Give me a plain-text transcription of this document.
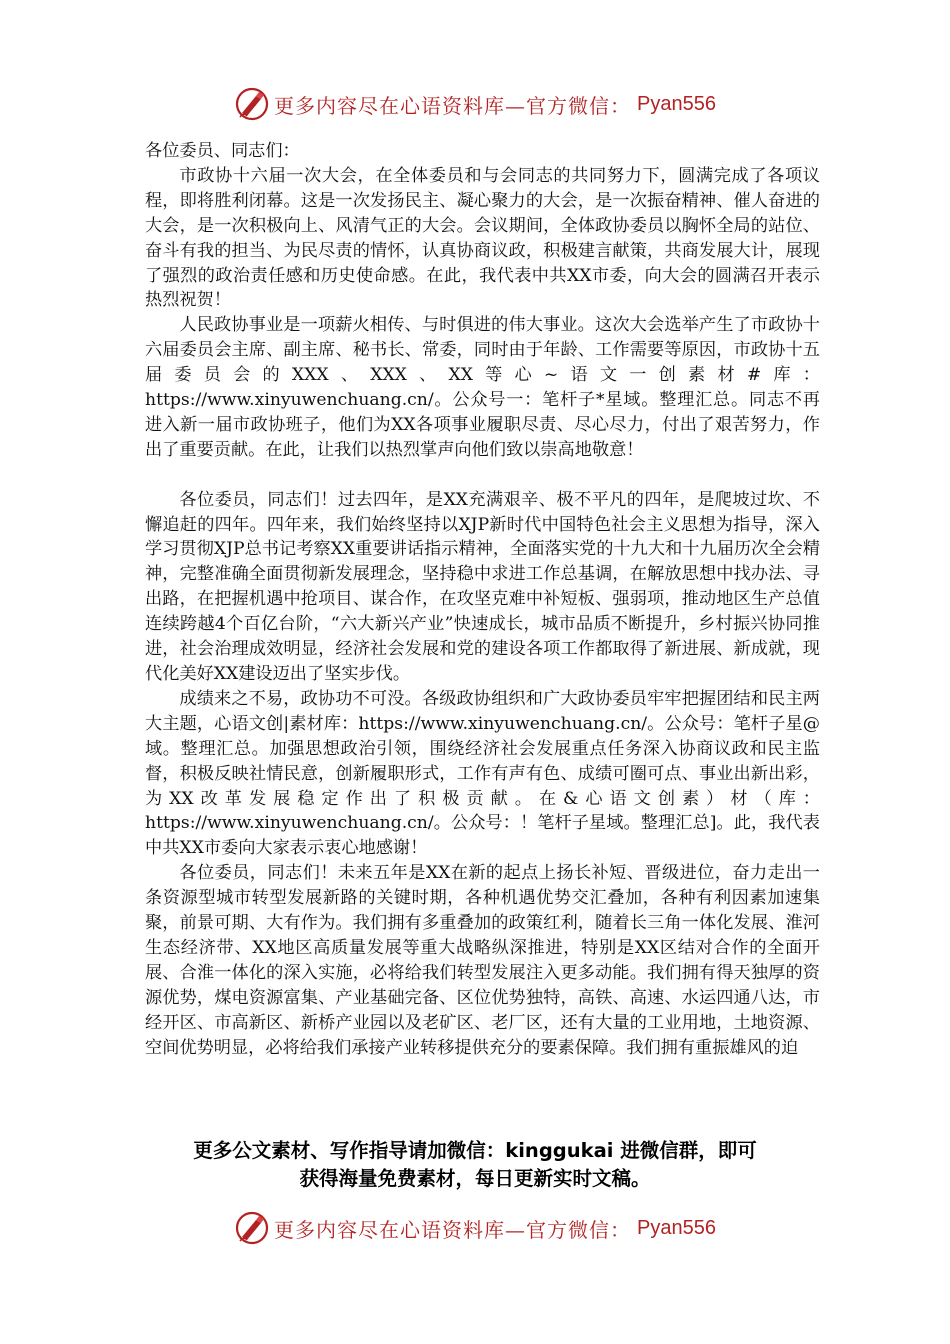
更多内容尽在心语资料库—官方微信： Pyan556

各位委员、同志们：

市政协十六届一次大会，在全体委员和与会同志的共同努力下，圆满完成了各项议程，即将胜利闭幕。这是一次发扬民主、凝心聚力的大会，是一次振奋精神、催人奋进的大会，是一次积极向上、风清气正的大会。会议期间，全体政协委员以胸怀全局的站位、奋斗有我的担当、为民尽责的情怀，认真协商议政，积极建言献策，共商发展大计，展现了强烈的政治责任感和历史使命感。在此，我代表中共XX市委，向大会的圆满召开表示热烈祝贺！

人民政协事业是一项薪火相传、与时俱进的伟大事业。这次大会选举产生了市政协十六届委员会主席、副主席、秘书长、常委，同时由于年龄、工作需要等原因，市政协十五届委员会的XXX、XXX、XX等心~语文一创素材#库：https://www.xinyuwenchuang.cn/。公众号一：笔杆子*星域。整理汇总。同志不再进入新一届市政协班子，他们为XX各项事业履职尽责、尽心尽力，付出了艰苦努力，作出了重要贡献。在此，让我们以热烈掌声向他们致以崇高地敬意！

各位委员，同志们！过去四年，是XX充满艰辛、极不平凡的四年，是爬坡过坎、不懈追赶的四年。四年来，我们始终坚持以XJP新时代中国特色社会主义思想为指导，深入学习贯彻XJP总书记考察XX重要讲话指示精神，全面落实党的十九大和十九届历次全会精神，完整准确全面贯彻新发展理念，坚持稳中求进工作总基调，在解放思想中找办法、寻出路，在把握机遇中抢项目、谋合作，在攻坚克难中补短板、强弱项，推动地区生产总值连续跨越4个百亿台阶，“六大新兴产业”快速成长，城市品质不断提升，乡村振兴协同推进，社会治理成效明显，经济社会发展和党的建设各项工作都取得了新进展、新成就，现代化美好XX建设迈出了坚实步伐。

成绩来之不易，政协功不可没。各级政协组织和广大政协委员牢牢把握团结和民主两大主题，心语文创|素材库：https://www.xinyuwenchuang.cn/。公众号：笔杆子星@域。整理汇总。加强思想政治引领，围绕经济社会发展重点任务深入协商议政和民主监督，积极反映社情民意，创新履职形式，工作有声有色、成绩可圈可点、事业出新出彩，为XX改革发展稳定作出了积极贡献。在&心语文创素）材（库：https://www.xinyuwenchuang.cn/。公众号：！笔杆子星域。整理汇总]。此，我代表中共XX市委向大家表示衷心地感谢！

各位委员，同志们！未来五年是XX在新的起点上扬长补短、晋级进位，奋力走出一条资源型城市转型发展新路的关键时期，各种机遇优势交汇叠加，各种有利因素加速集聚，前景可期、大有作为。我们拥有多重叠加的政策红利，随着长三角一体化发展、淮河生态经济带、XX地区高质量发展等重大战略纵深推进，特别是XX区结对合作的全面开展、合淮一体化的深入实施，必将给我们转型发展注入更多动能。我们拥有得天独厚的资源优势，煤电资源富集、产业基础完备、区位优势独特，高铁、高速、水运四通八达，市经开区、市高新区、新桥产业园以及老矿区、老厂区，还有大量的工业用地，土地资源、空间优势明显，必将给我们承接产业转移提供充分的要素保障。我们拥有重振雄风的迫

更多公文素材、写作指导请加微信：kinggukai 进微信群，即可
获得海量免费素材，每日更新实时文稿。
更多内容尽在心语资料库—官方微信： Pyan556
